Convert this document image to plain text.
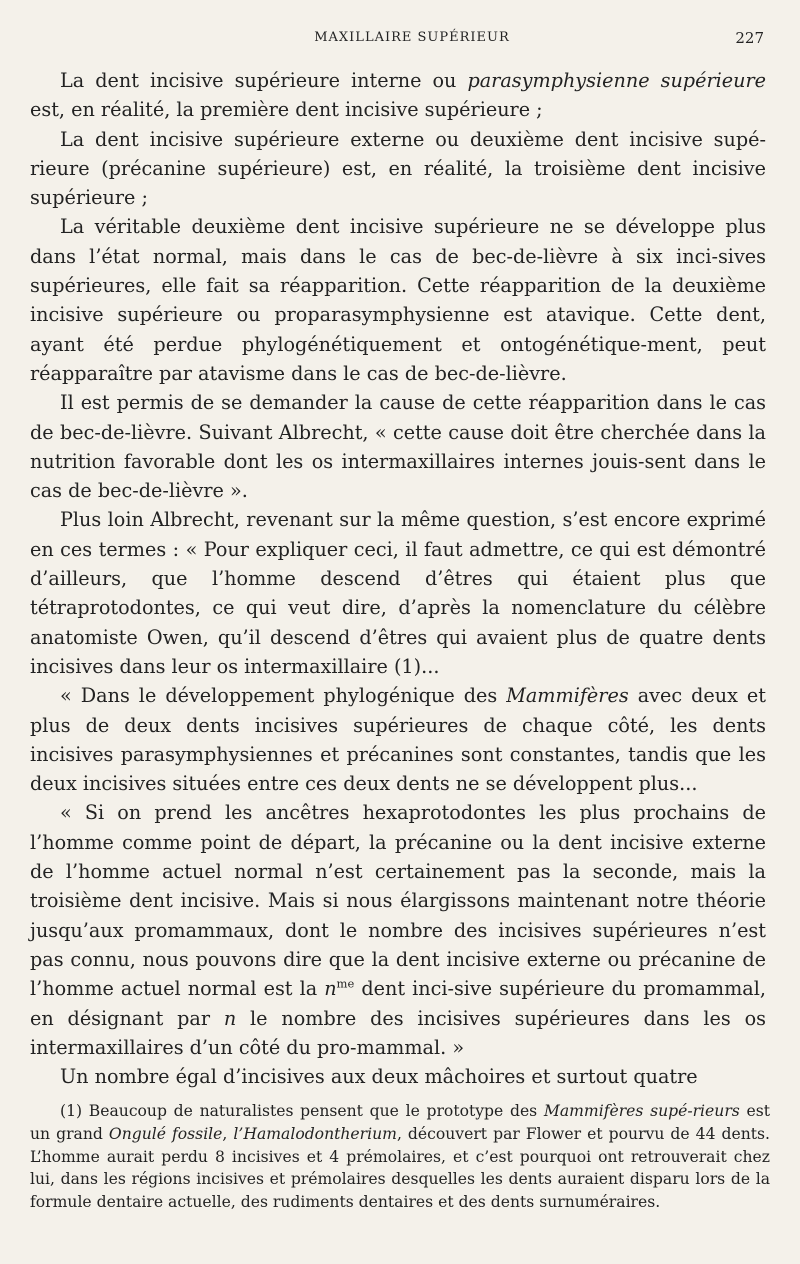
MAXILLAIRE SUPÉRIEUR	227

La dent incisive supérieure interne ou parasymphysienne supérieure est, en réalité, la première dent incisive supérieure ;

La dent incisive supérieure externe ou deuxième dent incisive supé-rieure (précanine supérieure) est, en réalité, la troisième dent incisive supérieure ;

La véritable deuxième dent incisive supérieure ne se développe plus dans l’état normal, mais dans le cas de bec-de-lièvre à six inci-sives supérieures, elle fait sa réapparition. Cette réapparition de la deuxième incisive supérieure ou proparasymphysienne est atavique. Cette dent, ayant été perdue phylogénétiquement et ontogénétique-ment, peut réapparaître par atavisme dans le cas de bec-de-lièvre.

Il est permis de se demander la cause de cette réapparition dans le cas de bec-de-lièvre. Suivant Albrecht, « cette cause doit être cherchée dans la nutrition favorable dont les os intermaxillaires internes jouis-sent dans le cas de bec-de-lièvre ».

Plus loin Albrecht, revenant sur la même question, s’est encore exprimé en ces termes : « Pour expliquer ceci, il faut admettre, ce qui est démontré d’ailleurs, que l’homme descend d’êtres qui étaient plus que tétraprotodontes, ce qui veut dire, d’après la nomenclature du célèbre anatomiste Owen, qu’il descend d’êtres qui avaient plus de quatre dents incisives dans leur os intermaxillaire (1)...

« Dans le développement phylogénique des Mammifères avec deux et plus de deux dents incisives supérieures de chaque côté, les dents incisives parasymphysiennes et précanines sont constantes, tandis que les deux incisives situées entre ces deux dents ne se développent plus...

« Si on prend les ancêtres hexaprotodontes les plus prochains de l’homme comme point de départ, la précanine ou la dent incisive externe de l’homme actuel normal n’est certainement pas la seconde, mais la troisième dent incisive. Mais si nous élargissons maintenant notre théorie jusqu’aux promammaux, dont le nombre des incisives supérieures n’est pas connu, nous pouvons dire que la dent incisive externe ou précanine de l’homme actuel normal est la $n^{me}$ dent inci-sive supérieure du promammal, en désignant par n le nombre des incisives supérieures dans les os intermaxillaires d’un côté du pro-mammal. »

Un nombre égal d’incisives aux deux mâchoires et surtout quatre

(1) Beaucoup de naturalistes pensent que le prototype des Mammifères supé-rieurs est un grand Ongulé fossile, l’Hamalodontherium, découvert par Flower et pourvu de 44 dents. L’homme aurait perdu 8 incisives et 4 prémolaires, et c’est pourquoi ont retrouverait chez lui, dans les régions incisives et prémolaires desquelles les dents auraient disparu lors de la formule dentaire actuelle, des rudiments dentaires et des dents surnuméraires.
